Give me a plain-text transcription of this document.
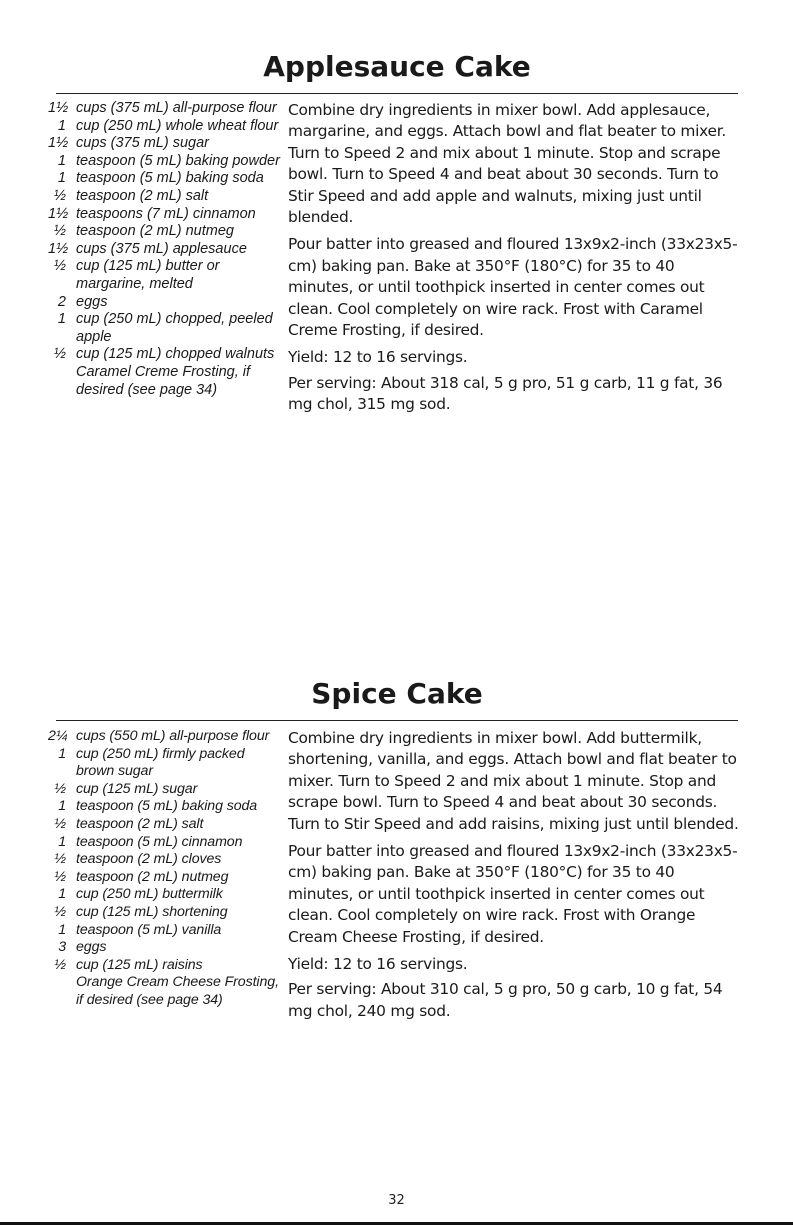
Applesauce Cake
1½ cups (375 mL) all-purpose flour
1 cup (250 mL) whole wheat flour
1½ cups (375 mL) sugar
1 teaspoon (5 mL) baking powder
1 teaspoon (5 mL) baking soda
½ teaspoon (2 mL) salt
1½ teaspoons (7 mL) cinnamon
½ teaspoon (2 mL) nutmeg
1½ cups (375 mL) applesauce
½ cup (125 mL) butter or margarine, melted
2 eggs
1 cup (250 mL) chopped, peeled apple
½ cup (125 mL) chopped walnuts
Caramel Creme Frosting, if desired (see page 34)

Combine dry ingredients in mixer bowl. Add applesauce, margarine, and eggs. Attach bowl and flat beater to mixer. Turn to Speed 2 and mix about 1 minute. Stop and scrape bowl. Turn to Speed 4 and beat about 30 seconds. Turn to Stir Speed and add apple and walnuts, mixing just until blended.

Pour batter into greased and floured 13x9x2-inch (33x23x5-cm) baking pan. Bake at 350°F (180°C) for 35 to 40 minutes, or until toothpick inserted in center comes out clean. Cool completely on wire rack. Frost with Caramel Creme Frosting, if desired.

Yield: 12 to 16 servings.

Per serving: About 318 cal, 5 g pro, 51 g carb, 11 g fat, 36 mg chol, 315 mg sod.

Spice Cake
2¼ cups (550 mL) all-purpose flour
1 cup (250 mL) firmly packed brown sugar
½ cup (125 mL) sugar
1 teaspoon (5 mL) baking soda
½ teaspoon (2 mL) salt
1 teaspoon (5 mL) cinnamon
½ teaspoon (2 mL) cloves
½ teaspoon (2 mL) nutmeg
1 cup (250 mL) buttermilk
½ cup (125 mL) shortening
1 teaspoon (5 mL) vanilla
3 eggs
½ cup (125 mL) raisins
Orange Cream Cheese Frosting, if desired (see page 34)

Combine dry ingredients in mixer bowl. Add buttermilk, shortening, vanilla, and eggs. Attach bowl and flat beater to mixer. Turn to Speed 2 and mix about 1 minute. Stop and scrape bowl. Turn to Speed 4 and beat about 30 seconds. Turn to Stir Speed and add raisins, mixing just until blended.

Pour batter into greased and floured 13x9x2-inch (33x23x5-cm) baking pan. Bake at 350°F (180°C) for 35 to 40 minutes, or until toothpick inserted in center comes out clean. Cool completely on wire rack. Frost with Orange Cream Cheese Frosting, if desired.

Yield: 12 to 16 servings.

Per serving: About 310 cal, 5 g pro, 50 g carb, 10 g fat, 54 mg chol, 240 mg sod.

32
